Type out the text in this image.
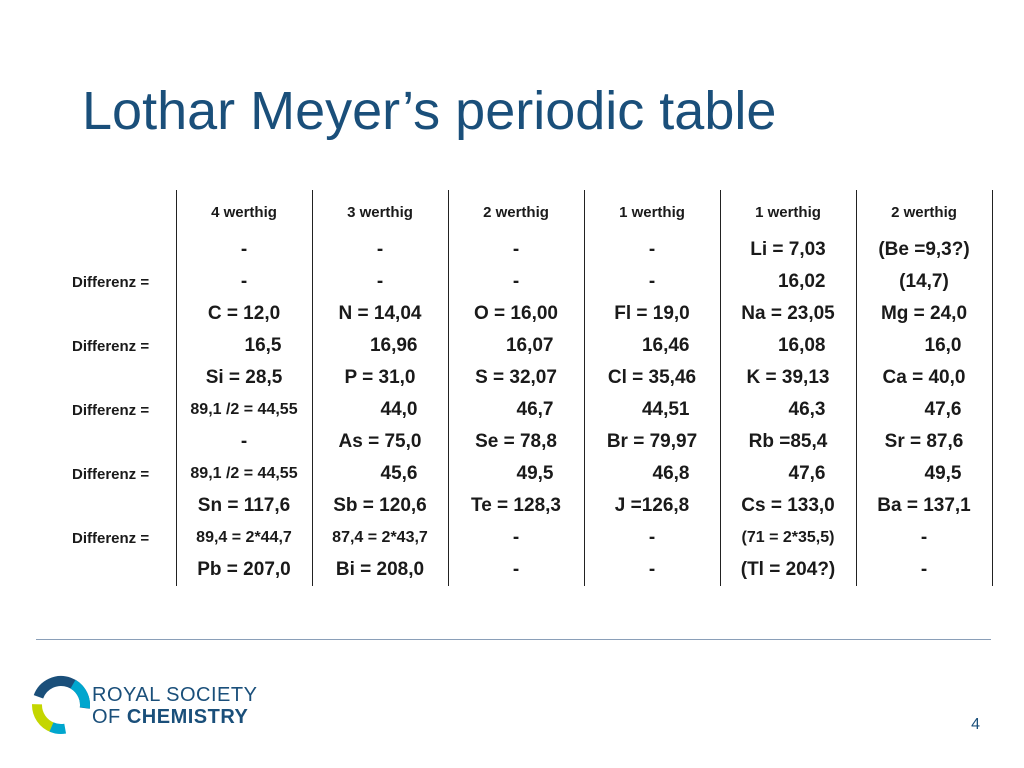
Lothar Meyer’s periodic table
	4 werthig	3 werthig	2 werthig	1 werthig	1 werthig	2 werthig
	-	-	-	-	Li = 7,03	(Be =9,3?)
Differenz =	-	-	-	-	16,02	(14,7)
	C = 12,0	N = 14,04	O = 16,00	Fl = 19,0	Na = 23,05	Mg = 24,0
Differenz =	16,5	16,96	16,07	16,46	16,08	16,0
	Si = 28,5	P = 31,0	S = 32,07	Cl = 35,46	K = 39,13	Ca = 40,0
Differenz =	89,1 /2 = 44,55	44,0	46,7	44,51	46,3	47,6
	-	As = 75,0	Se = 78,8	Br = 79,97	Rb =85,4	Sr = 87,6
Differenz =	89,1 /2 = 44,55	45,6	49,5	46,8	47,6	49,5
	Sn = 117,6	Sb = 120,6	Te = 128,3	J =126,8	Cs = 133,0	Ba = 137,1
Differenz =	89,4 = 2*44,7	87,4 = 2*43,7	-	-	(71 = 2*35,5)	-
	Pb = 207,0	Bi = 208,0	-	-	(Tl = 204?)	-
ROYAL SOCIETY
OF CHEMISTRY	4
